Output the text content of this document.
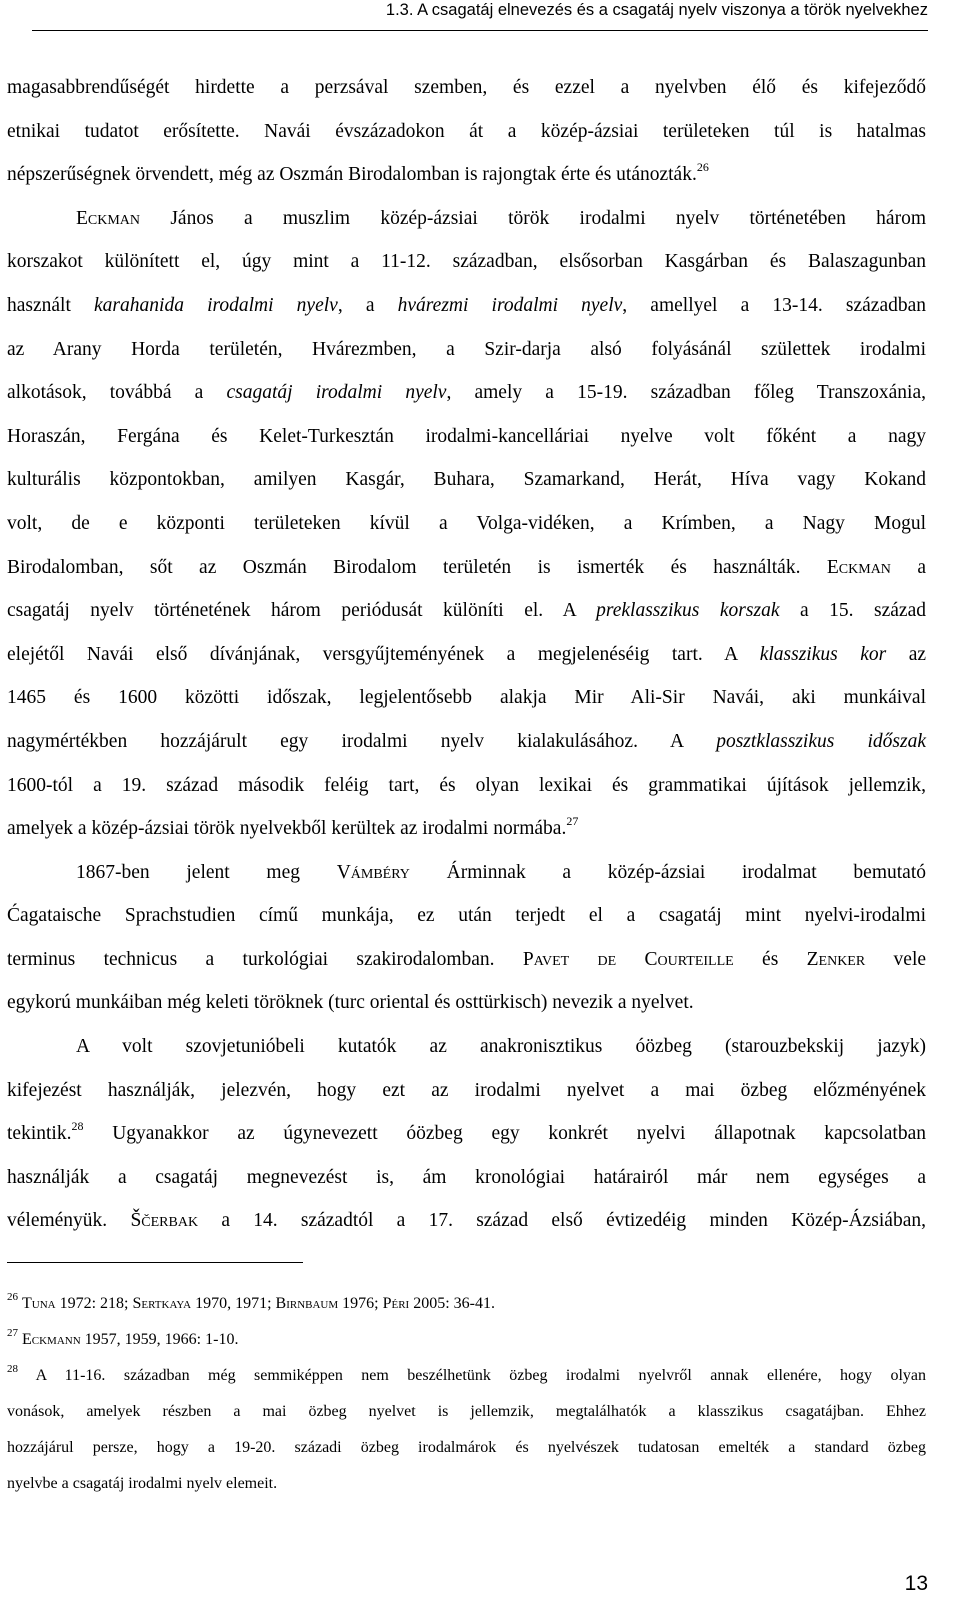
1.3. A csagatáj elnevezés és a csagatáj nyelv viszonya a török nyelvekhez
magasabbrendűségét hirdette a perzsával szemben, és ezzel a nyelvben élő és kifejeződő
etnikai tudatot erősítette. Navái évszázadokon át a közép-ázsiai területeken túl is hatalmas
népszerűségnek örvendett, még az Oszmán Birodalomban is rajongtak érte és utánozták.$^{26}$
Eckman János a muszlim közép-ázsiai török irodalmi nyelv történetében három
korszakot különített el, úgy mint a 11-12. században, elsősorban Kasgárban és Balaszagunban
használt karahanida irodalmi nyelv, a hvárezmi irodalmi nyelv, amellyel a 13-14. században
az Arany Horda területén, Hvárezmben, a Szir-darja alsó folyásánál születtek irodalmi
alkotások, továbbá a csagatáj irodalmi nyelv, amely a 15-19. században főleg Transzoxánia,
Horaszán, Fergána és Kelet-Turkesztán irodalmi-kancelláriai nyelve volt főként a nagy
kulturális központokban, amilyen Kasgár, Buhara, Szamarkand, Herát, Híva vagy Kokand
volt, de e központi területeken kívül a Volga-vidéken, a Krímben, a Nagy Mogul
Birodalomban, sőt az Oszmán Birodalom területén is ismerték és használták. Eckman a
csagatáj nyelv történetének három periódusát különíti el. A preklasszikus korszak a 15. század
elejétől Navái első dívánjának, versgyűjteményének a megjelenéséig tart. A klasszikus kor az
1465 és 1600 közötti időszak, legjelentősebb alakja Mir Ali-Sir Navái, aki munkáival
nagymértékben hozzájárult egy irodalmi nyelv kialakulásához. A posztklasszikus időszak
1600-tól a 19. század második feléig tart, és olyan lexikai és grammatikai újítások jellemzik,
amelyek a közép-ázsiai török nyelvekből kerültek az irodalmi normába.$^{27}$
1867-ben jelent meg Vámbéry Árminnak a közép-ázsiai irodalmat bemutató
Ćagataische Sprachstudien című munkája, ez után terjedt el a csagatáj mint nyelvi-irodalmi
terminus technicus a turkológiai szakirodalomban. Pavet de Courteille és Zenker vele
egykorú munkáiban még keleti töröknek (turc oriental és osttürkisch) nevezik a nyelvet.
A volt szovjetunióbeli kutatók az anakronisztikus óözbeg (starouzbekskij jazyk)
kifejezést használják, jelezvén, hogy ezt az irodalmi nyelvet a mai özbeg előzményének
tekintik.$^{28}$ Ugyanakkor az úgynevezett óözbeg egy konkrét nyelvi állapotnak kapcsolatban
használják a csagatáj megnevezést is, ám kronológiai határairól már nem egységes a
véleményük. Ščerbak a 14. századtól a 17. század első évtizedéig minden Közép-Ázsiában,
$^{26}$ Tuna 1972: 218; Sertkaya 1970, 1971; Birnbaum 1976; Péri 2005: 36-41.
$^{27}$ Eckmann 1957, 1959, 1966: 1-10.
$^{28}$ A 11-16. században még semmiképpen nem beszélhetünk özbeg irodalmi nyelvről annak ellenére, hogy olyan
vonások, amelyek részben a mai özbeg nyelvet is jellemzik, megtalálhatók a klasszikus csagatájban. Ehhez
hozzájárul persze, hogy a 19-20. századi özbeg irodalmárok és nyelvészek tudatosan emelték a standard özbeg
nyelvbe a csagatáj irodalmi nyelv elemeit.
13
